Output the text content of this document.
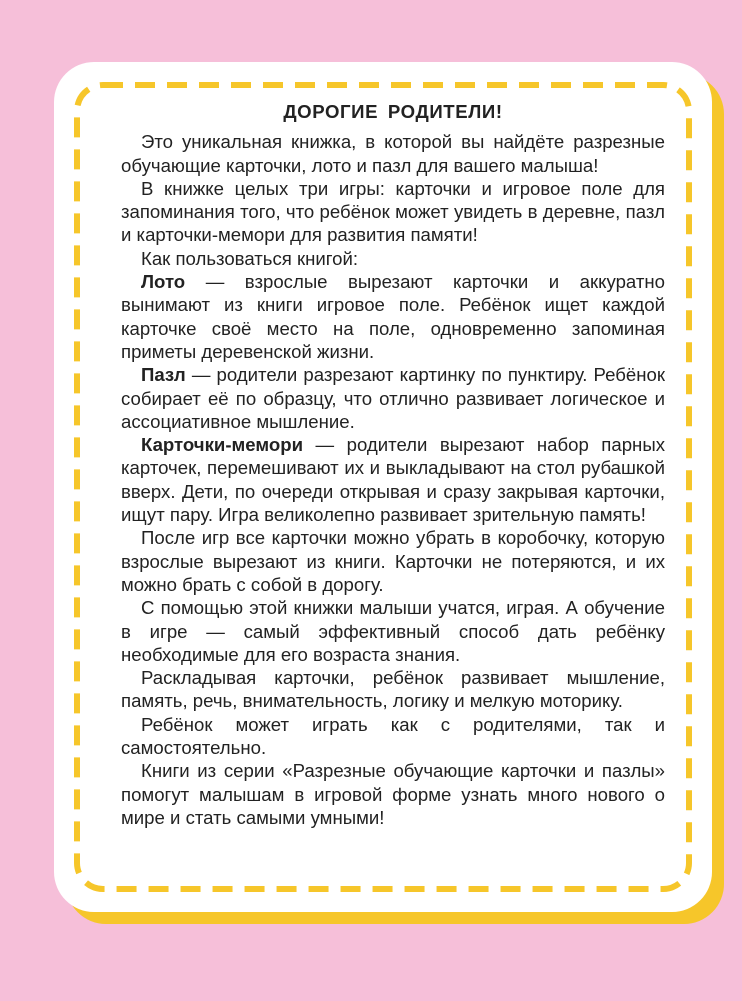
ДОРОГИЕ РОДИТЕЛИ!

Это уникальная книжка, в которой вы найдёте разрезные обучающие карточки, лото и пазл для вашего малыша!

В книжке целых три игры: карточки и игровое поле для запоминания того, что ребёнок может увидеть в деревне, пазл и карточки-мемори для развития памяти!

Как пользоваться книгой:

Лото — взрослые вырезают карточки и аккуратно вынимают из книги игровое поле. Ребёнок ищет каждой карточке своё место на поле, одновременно запоминая приметы деревенской жизни.

Пазл — родители разрезают картинку по пунктиру. Ребёнок собирает её по образцу, что отлично развивает логическое и ассоциативное мышление.

Карточки-мемори — родители вырезают набор парных карточек, перемешивают их и выкладывают на стол рубашкой вверх. Дети, по очереди открывая и сразу закрывая карточки, ищут пару. Игра великолепно развивает зрительную память!

После игр все карточки можно убрать в коробочку, которую взрослые вырезают из книги. Карточки не потеряются, и их можно брать с собой в дорогу.

С помощью этой книжки малыши учатся, играя. А обучение в игре — самый эффективный способ дать ребёнку необходимые для его возраста знания.

Раскладывая карточки, ребёнок развивает мышление, память, речь, внимательность, логику и мелкую моторику.

Ребёнок может играть как с родителями, так и самостоятельно.

Книги из серии «Разрезные обучающие карточки и пазлы» помогут малышам в игровой форме узнать много нового о мире и стать самыми умными!
